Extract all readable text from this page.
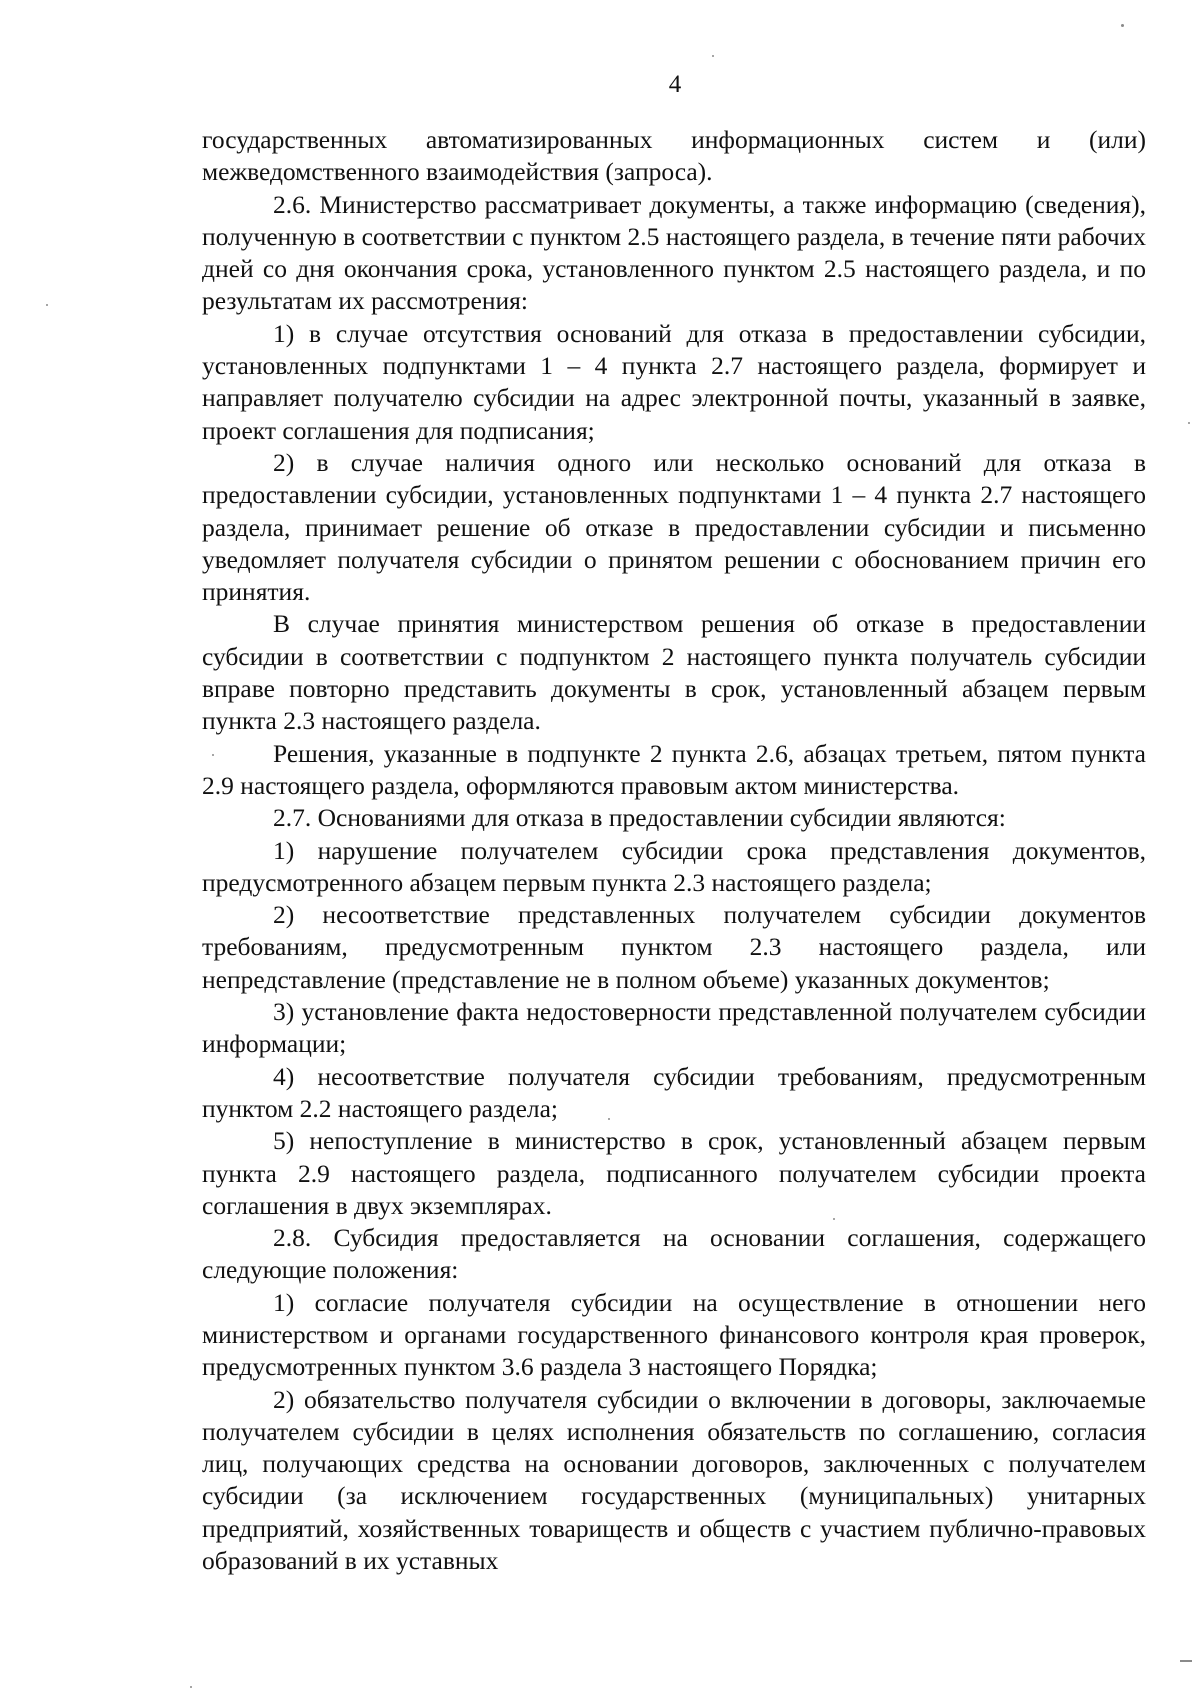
4

государственных автоматизированных информационных систем и (или) межведомственного взаимодействия (запроса).

2.6. Министерство рассматривает документы, а также информацию (сведения), полученную в соответствии с пунктом 2.5 настоящего раздела, в течение пяти рабочих дней со дня окончания срока, установленного пунктом 2.5 настоящего раздела, и по результатам их рассмотрения:

1) в случае отсутствия оснований для отказа в предоставлении субсидии, установленных подпунктами 1 – 4 пункта 2.7 настоящего раздела, формирует и направляет получателю субсидии на адрес электронной почты, указанный в заявке, проект соглашения для подписания;

2) в случае наличия одного или несколько оснований для отказа в предоставлении субсидии, установленных подпунктами 1 – 4 пункта 2.7 настоящего раздела, принимает решение об отказе в предоставлении субсидии и письменно уведомляет получателя субсидии о принятом решении с обоснованием причин его принятия.

В случае принятия министерством решения об отказе в предоставлении субсидии в соответствии с подпунктом 2 настоящего пункта получатель субсидии вправе повторно представить документы в срок, установленный абзацем первым пункта 2.3 настоящего раздела.

Решения, указанные в подпункте 2 пункта 2.6, абзацах третьем, пятом пункта 2.9 настоящего раздела, оформляются правовым актом министерства.

2.7. Основаниями для отказа в предоставлении субсидии являются:

1) нарушение получателем субсидии срока представления документов, предусмотренного абзацем первым пункта 2.3 настоящего раздела;

2) несоответствие представленных получателем субсидии документов требованиям, предусмотренным пунктом 2.3 настоящего раздела, или непредставление (представление не в полном объеме) указанных документов;

3) установление факта недостоверности представленной получателем субсидии информации;

4) несоответствие получателя субсидии требованиям, предусмотренным пунктом 2.2 настоящего раздела;

5) непоступление в министерство в срок, установленный абзацем первым пункта 2.9 настоящего раздела, подписанного получателем субсидии проекта соглашения в двух экземплярах.

2.8. Субсидия предоставляется на основании соглашения, содержащего следующие положения:

1) согласие получателя субсидии на осуществление в отношении него министерством и органами государственного финансового контроля края проверок, предусмотренных пунктом 3.6 раздела 3 настоящего Порядка;

2) обязательство получателя субсидии о включении в договоры, заключаемые получателем субсидии в целях исполнения обязательств по соглашению, согласия лиц, получающих средства на основании договоров, заключенных с получателем субсидии (за исключением государственных (муниципальных) унитарных предприятий, хозяйственных товариществ и обществ с участием публично-правовых образований в их уставных
